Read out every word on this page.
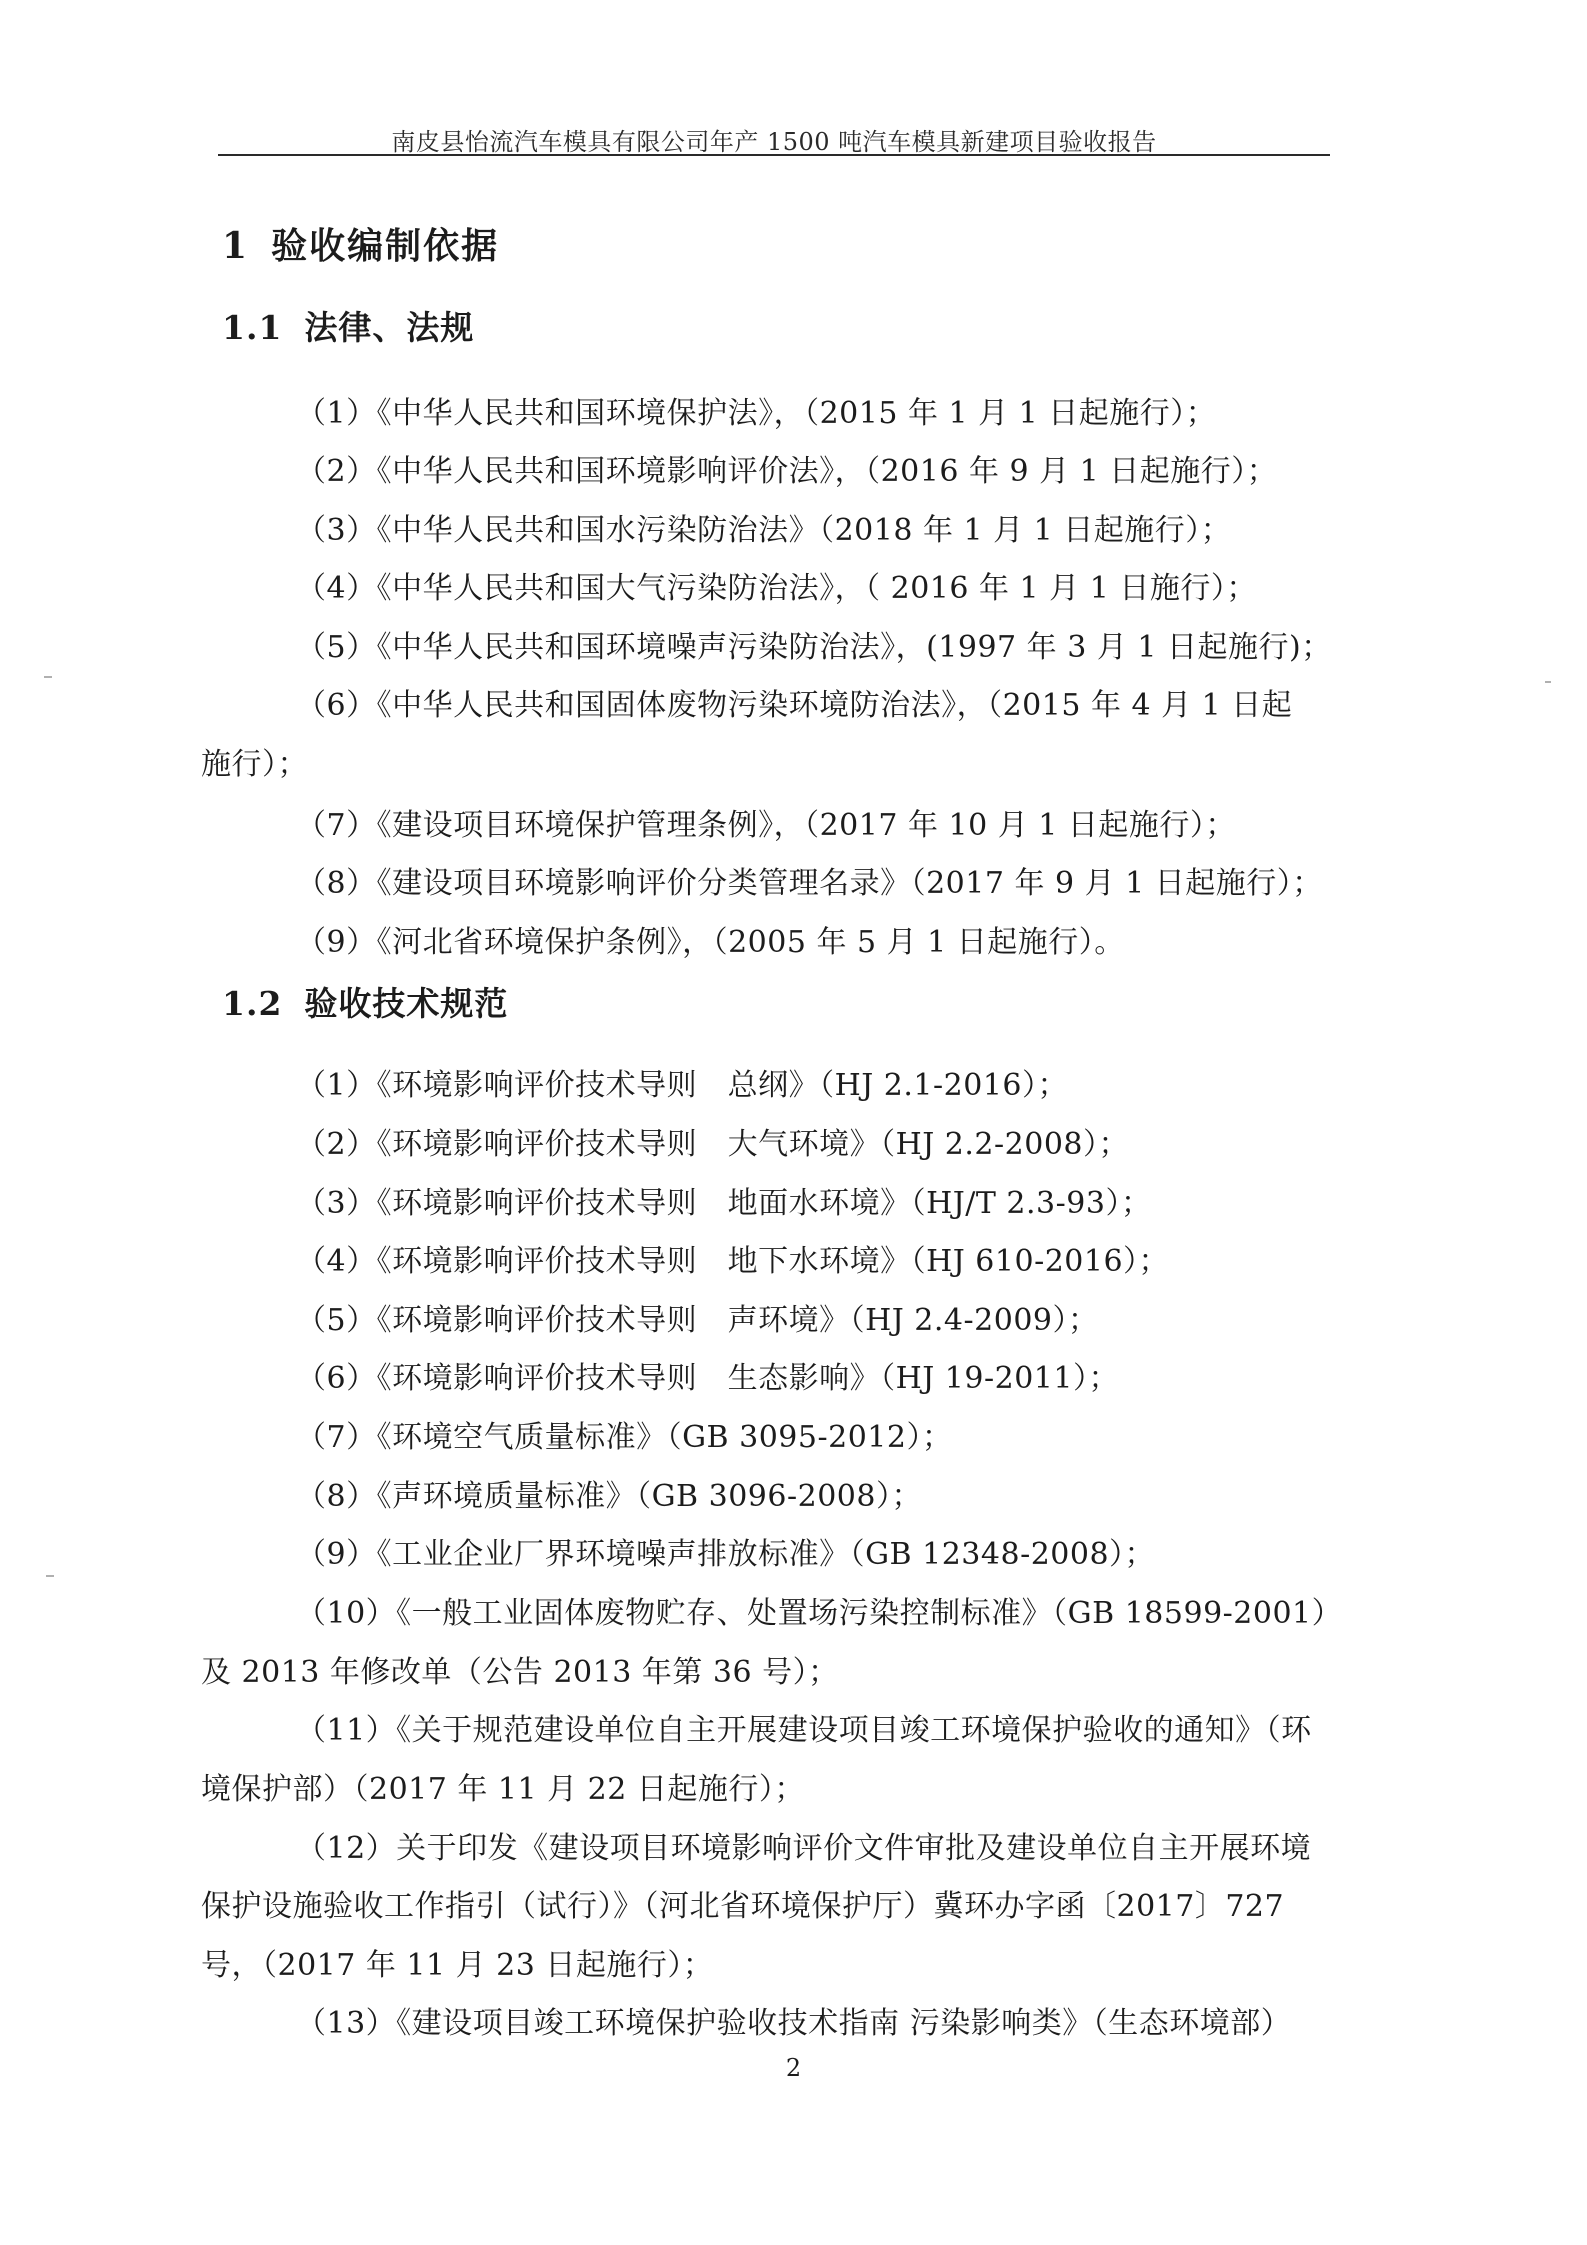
南皮县怡流汽车模具有限公司年产 1500 吨汽车模具新建项目验收报告
1 验收编制依据
1.1 法律、法规
（1）《中华人民共和国环境保护法》，（2015 年 1 月 1 日起施行）；
（2）《中华人民共和国环境影响评价法》，（2016 年 9 月 1 日起施行）；
（3）《中华人民共和国水污染防治法》（2018 年 1 月 1 日起施行）；
（4）《中华人民共和国大气污染防治法》，（ 2016 年 1 月 1 日施行）；
（5）《中华人民共和国环境噪声污染防治法》，(1997 年 3 月 1 日起施行)；
（6）《中华人民共和国固体废物污染环境防治法》，（2015 年 4 月 1 日起
施行）；
（7）《建设项目环境保护管理条例》，（2017 年 10 月 1 日起施行）；
（8）《建设项目环境影响评价分类管理名录》（2017 年 9 月 1 日起施行）；
（9）《河北省环境保护条例》，（2005 年 5 月 1 日起施行）。
1.2 验收技术规范
（1）《环境影响评价技术导则　总纲》（HJ 2.1-2016）；
（2）《环境影响评价技术导则　大气环境》（HJ 2.2-2008）；
（3）《环境影响评价技术导则　地面水环境》（HJ/T 2.3-93）；
（4）《环境影响评价技术导则　地下水环境》（HJ 610-2016）；
（5）《环境影响评价技术导则　声环境》（HJ 2.4-2009）；
（6）《环境影响评价技术导则　生态影响》（HJ 19-2011）；
（7）《环境空气质量标准》（GB 3095-2012）；
（8）《声环境质量标准》（GB 3096-2008）；
（9）《工业企业厂界环境噪声排放标准》（GB 12348-2008）；
（10）《一般工业固体废物贮存、处置场污染控制标准》（GB 18599-2001）
及 2013 年修改单（公告 2013 年第 36 号）；
（11）《关于规范建设单位自主开展建设项目竣工环境保护验收的通知》（环
境保护部）（2017 年 11 月 22 日起施行）；
（12）关于印发《建设项目环境影响评价文件审批及建设单位自主开展环境
保护设施验收工作指引（试行）》（河北省环境保护厅）冀环办字函〔2017〕727
号，（2017 年 11 月 23 日起施行）；
（13）《建设项目竣工环境保护验收技术指南 污染影响类》（生态环境部）
2
